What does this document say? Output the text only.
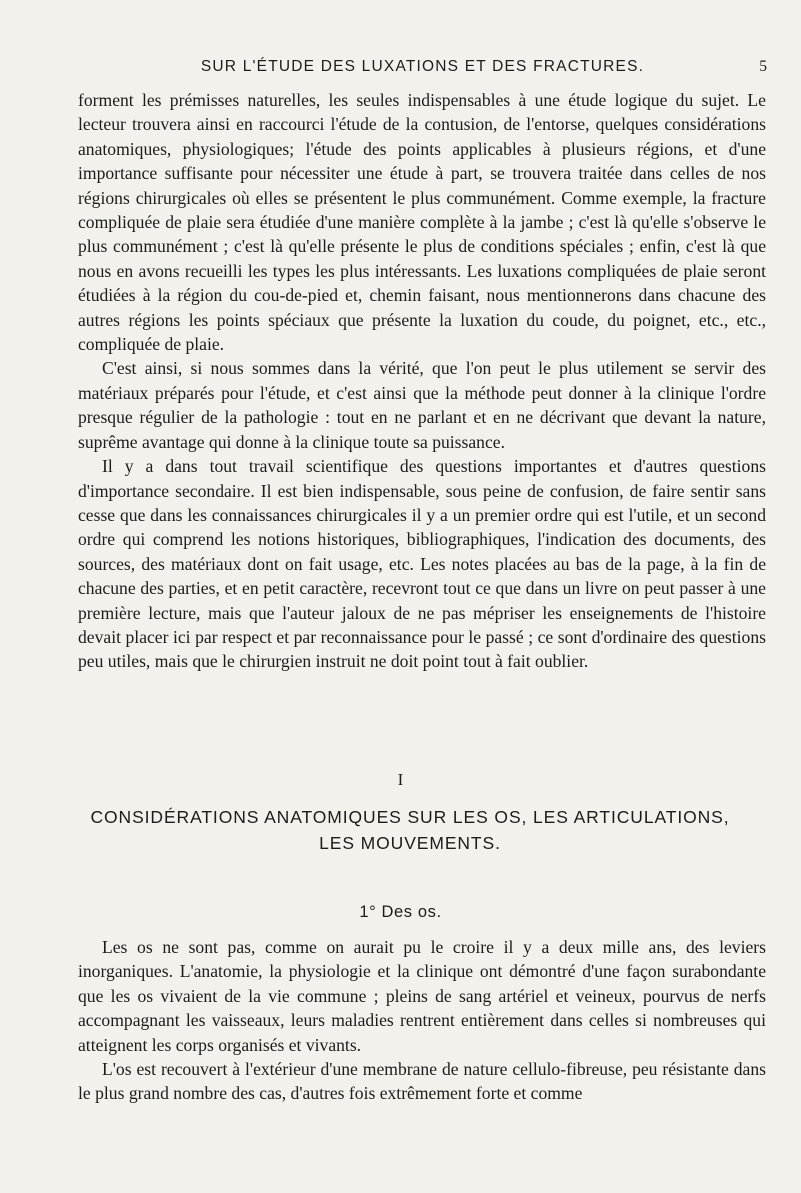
SUR L'ÉTUDE DES LUXATIONS ET DES FRACTURES.	5

forment les prémisses naturelles, les seules indispensables à une étude logique du sujet. Le lecteur trouvera ainsi en raccourci l'étude de la contusion, de l'entorse, quelques considérations anatomiques, physiologiques; l'étude des points applicables à plusieurs régions, et d'une importance suffisante pour nécessiter une étude à part, se trouvera traitée dans celles de nos régions chirurgicales où elles se présentent le plus communément. Comme exemple, la fracture compliquée de plaie sera étudiée d'une manière complète à la jambe ; c'est là qu'elle s'observe le plus communément ; c'est là qu'elle présente le plus de conditions spéciales ; enfin, c'est là que nous en avons recueilli les types les plus intéressants. Les luxations compliquées de plaie seront étudiées à la région du cou-de-pied et, chemin faisant, nous mentionnerons dans chacune des autres régions les points spéciaux que présente la luxation du coude, du poignet, etc., etc., compliquée de plaie.

C'est ainsi, si nous sommes dans la vérité, que l'on peut le plus utilement se servir des matériaux préparés pour l'étude, et c'est ainsi que la méthode peut donner à la clinique l'ordre presque régulier de la pathologie : tout en ne parlant et en ne décrivant que devant la nature, suprême avantage qui donne à la clinique toute sa puissance.

Il y a dans tout travail scientifique des questions importantes et d'autres questions d'importance secondaire. Il est bien indispensable, sous peine de confusion, de faire sentir sans cesse que dans les connaissances chirurgicales il y a un premier ordre qui est l'utile, et un second ordre qui comprend les notions historiques, bibliographiques, l'indication des documents, des sources, des matériaux dont on fait usage, etc. Les notes placées au bas de la page, à la fin de chacune des parties, et en petit caractère, recevront tout ce que dans un livre on peut passer à une première lecture, mais que l'auteur jaloux de ne pas mépriser les enseignements de l'histoire devait placer ici par respect et par reconnaissance pour le passé ; ce sont d'ordinaire des questions peu utiles, mais que le chirurgien instruit ne doit point tout à fait oublier.

I
CONSIDÉRATIONS ANATOMIQUES SUR LES OS, LES ARTICULATIONS, LES MOUVEMENTS.
1° Des os.

Les os ne sont pas, comme on aurait pu le croire il y a deux mille ans, des leviers inorganiques. L'anatomie, la physiologie et la clinique ont démontré d'une façon surabondante que les os vivaient de la vie commune ; pleins de sang artériel et veineux, pourvus de nerfs accompagnant les vaisseaux, leurs maladies rentrent entièrement dans celles si nombreuses qui atteignent les corps organisés et vivants.

L'os est recouvert à l'extérieur d'une membrane de nature cellulo-fibreuse, peu résistante dans le plus grand nombre des cas, d'autres fois extrêmement forte et comme
